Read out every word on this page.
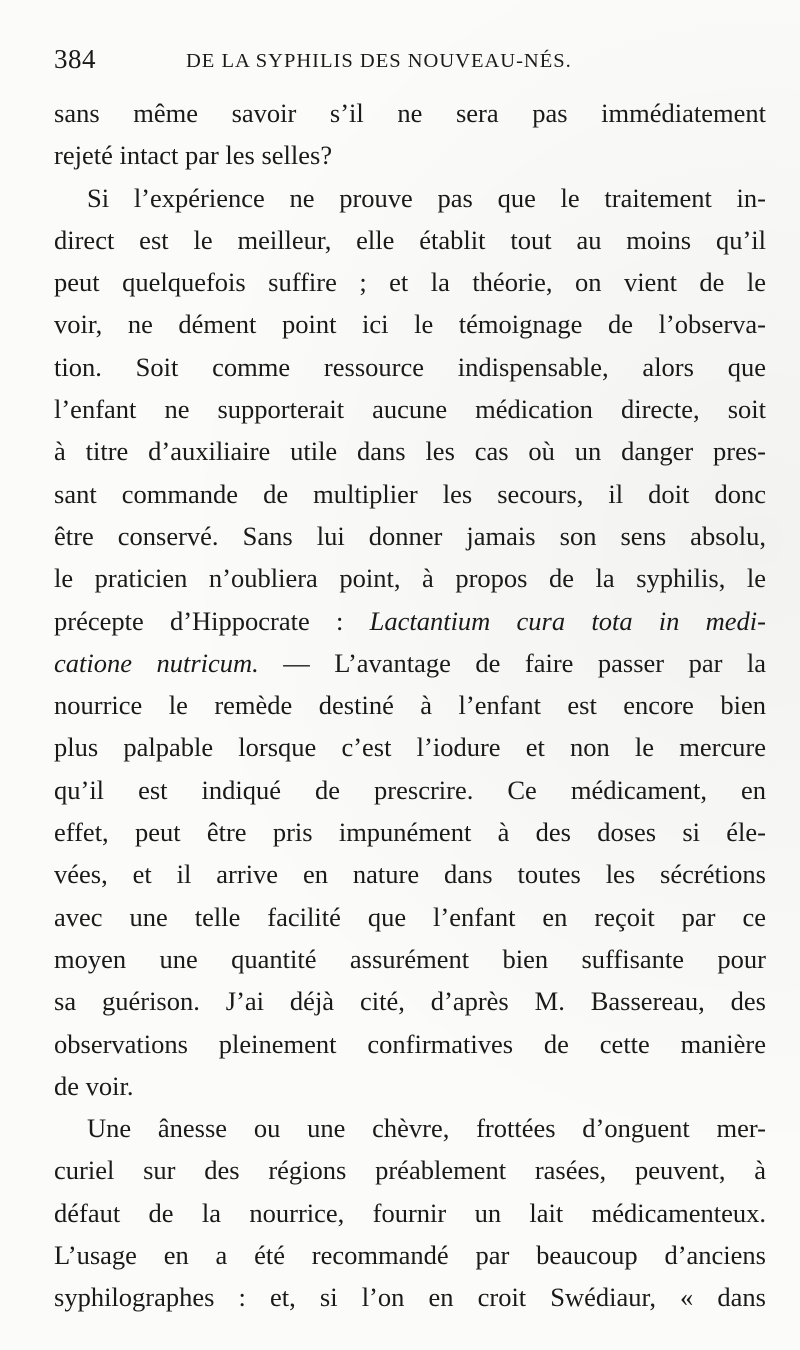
384	DE LA SYPHILIS DES NOUVEAU-NÉS.
sans même savoir s’il ne sera pas immédiatement
rejeté intact par les selles?
Si l’expérience ne prouve pas que le traitement in-
direct est le meilleur, elle établit tout au moins qu’il
peut quelquefois suffire ; et la théorie, on vient de le
voir, ne dément point ici le témoignage de l’observa-
tion. Soit comme ressource indispensable, alors que
l’enfant ne supporterait aucune médication directe, soit
à titre d’auxiliaire utile dans les cas où un danger pres-
sant commande de multiplier les secours, il doit donc
être conservé. Sans lui donner jamais son sens absolu,
le praticien n’oubliera point, à propos de la syphilis, le
précepte d’Hippocrate : Lactantium cura tota in medi-
catione nutricum. — L’avantage de faire passer par la
nourrice le remède destiné à l’enfant est encore bien
plus palpable lorsque c’est l’iodure et non le mercure
qu’il est indiqué de prescrire. Ce médicament, en
effet, peut être pris impunément à des doses si éle-
vées, et il arrive en nature dans toutes les sécrétions
avec une telle facilité que l’enfant en reçoit par ce
moyen une quantité assurément bien suffisante pour
sa guérison. J’ai déjà cité, d’après M. Bassereau, des
observations pleinement confirmatives de cette manière
de voir.
Une ânesse ou une chèvre, frottées d’onguent mer-
curiel sur des régions préablement rasées, peuvent, à
défaut de la nourrice, fournir un lait médicamenteux.
L’usage en a été recommandé par beaucoup d’anciens
syphilographes : et, si l’on en croit Swédiaur, « dans
